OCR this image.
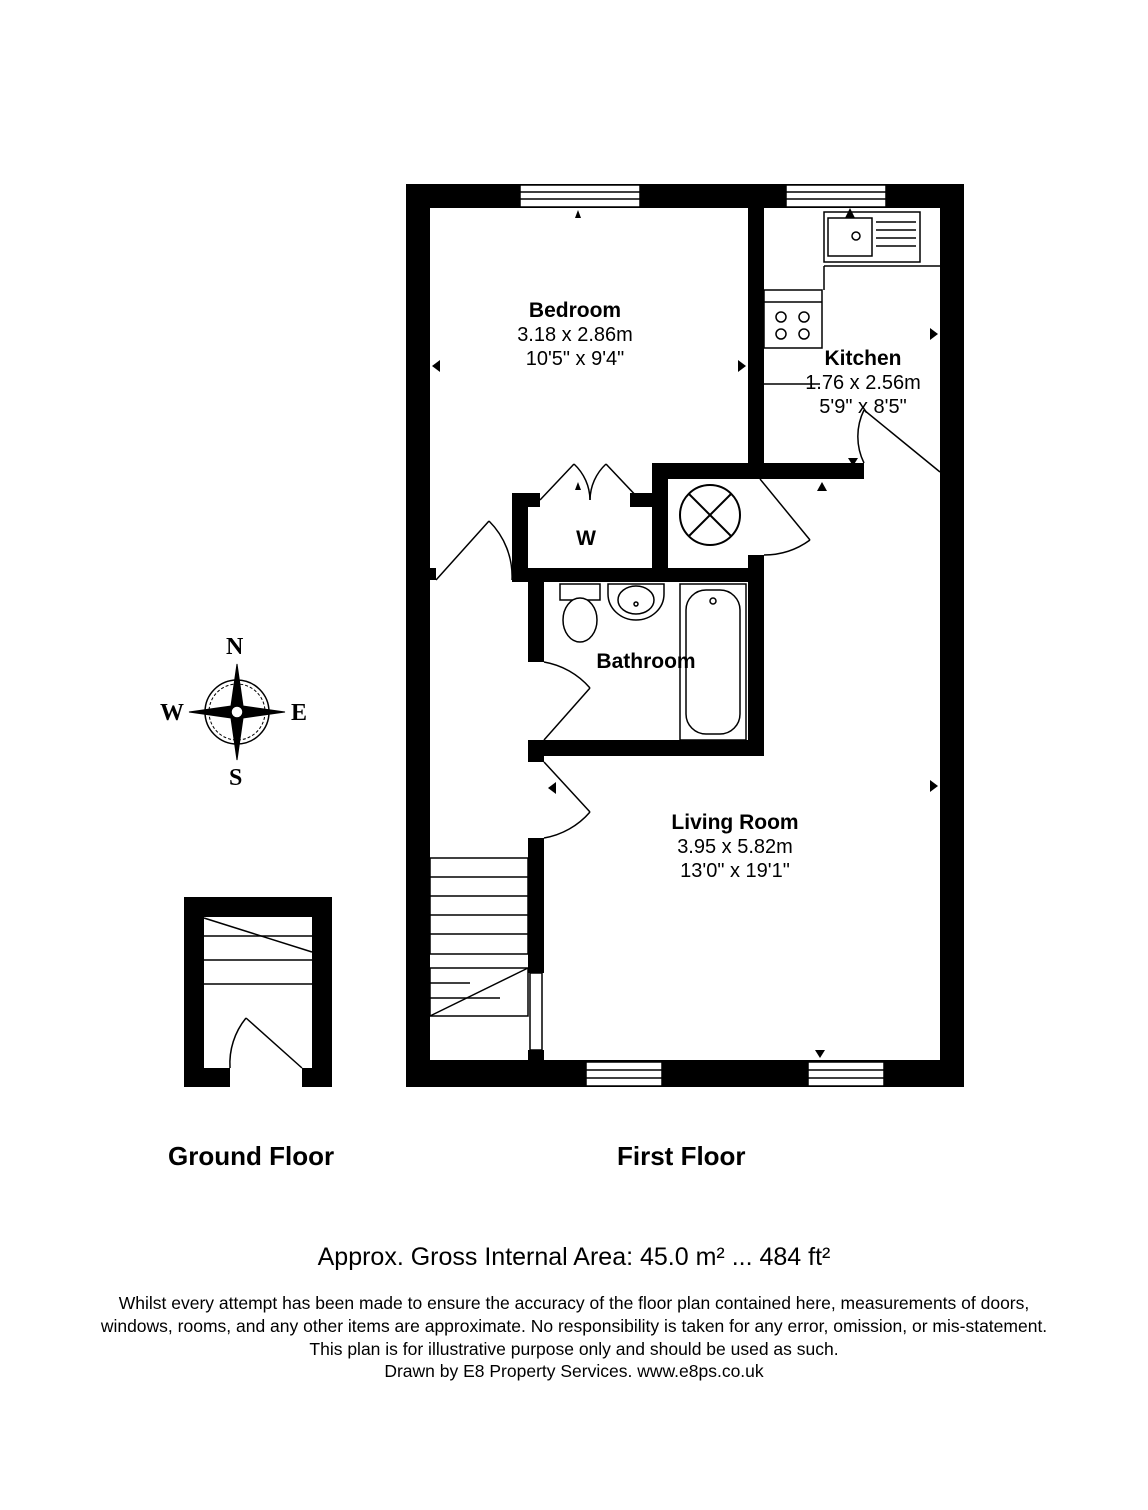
Bedroom
3.18 x 2.86m
10'5" x 9'4"	Kitchen
1.76 x 2.56m
5'9" x 8'5"
W
Bathroom
Living Room
3.95 x 5.82m
13'0" x 19'1"
N
S
W	E
Ground Floor	First Floor
Approx. Gross Internal Area: 45.0 m² ... 484 ft²
Whilst every attempt has been made to ensure the accuracy of the floor plan contained here, measurements of doors,
windows, rooms, and any other items are approximate. No responsibility is taken for any error, omission, or mis-statement.
This plan is for illustrative purpose only and should be used as such.
Drawn by E8 Property Services. www.e8ps.co.uk
